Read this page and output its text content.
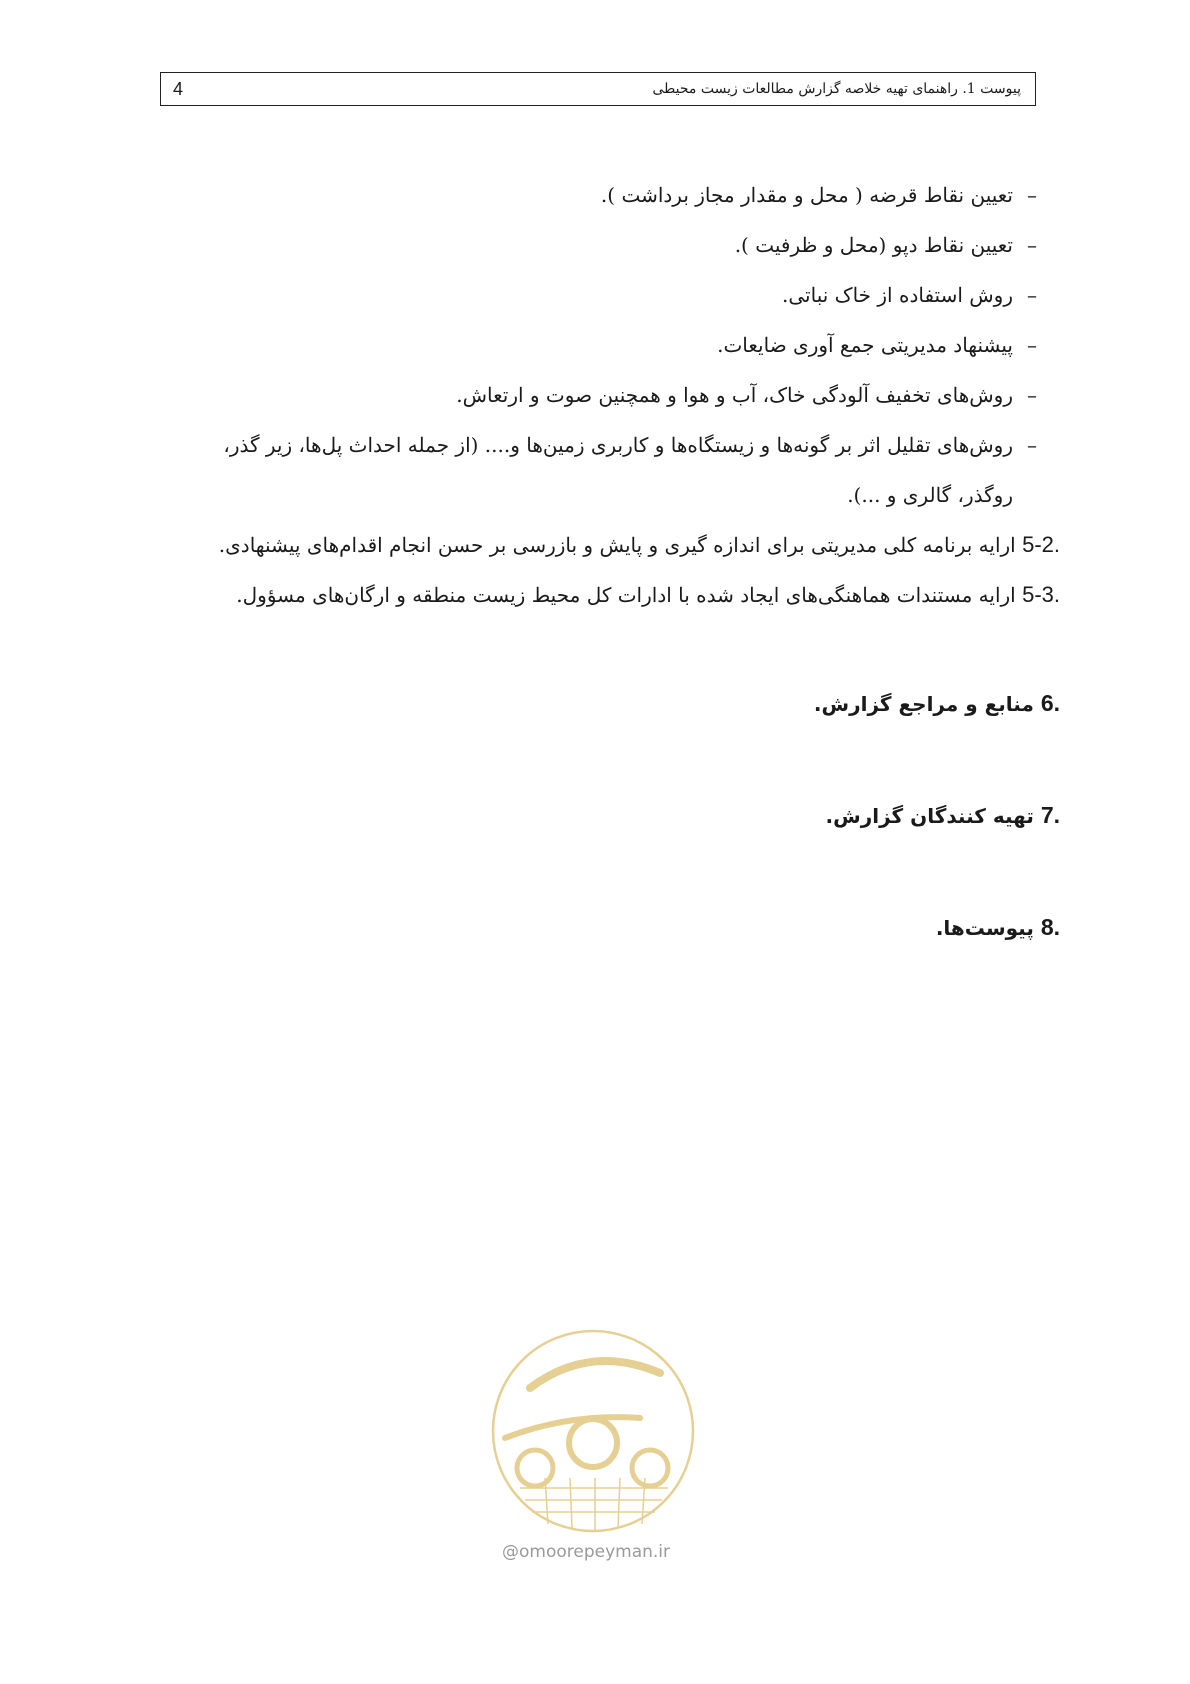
4	پیوست 1. راهنمای تهیه خلاصه گزارش مطالعات زیست محیطی
–
تعیین نقاط قرضه ( محل و مقدار مجاز برداشت ).
–
تعیین نقاط دپو (محل و ظرفیت ).
–
روش استفاده از خاک نباتی.
–
پیشنهاد مدیریتی جمع آوری ضایعات.
–
روش‌های تخفیف آلودگی خاک، آب و هوا و همچنین صوت و ارتعاش.
–
روش‌های تقلیل اثر بر گونه‌ها و زیستگاه‌ها و کاربری زمین‌ها و.... (از جمله احداث پل‌ها، زیر گذر، روگذر، گالری و ...).

5-2. ارایه برنامه کلی مدیریتی برای اندازه گیری و پایش و بازرسی بر حسن انجام اقدام‌های پیشنهادی.

5-3. ارایه مستندات هماهنگی‌های ایجاد شده با ادارات کل محیط زیست منطقه و ارگان‌های مسؤول.

6. منابع و مراجع گزارش.
7. تهیه کنندگان گزارش.
8. پیوست‌ها.
@omoorepeyman.ir
